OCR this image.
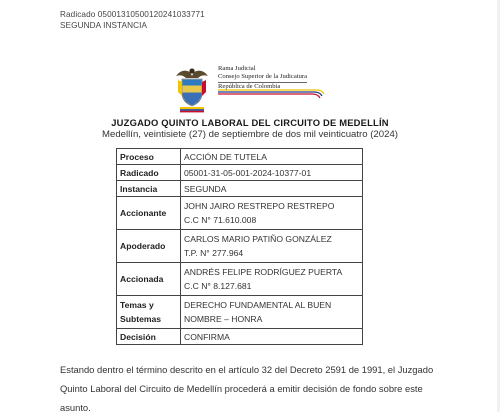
Radicado 05001310500120241033771
SEGUNDA INSTANCIA
Rama Judicial
Consejo Superior de la Judicatura
República de Colombia
JUZGADO QUINTO LABORAL DEL CIRCUITO DE MEDELLÍN
Medellín, veintisiete (27) de septiembre de dos mil veinticuatro (2024)
Proceso	ACCIÓN DE TUTELA
Radicado	05001-31-05-001-2024-10377-01
Instancia	SEGUNDA
Accionante	JOHN JAIRO RESTREPO RESTREPO
C.C N° 71.610.008

Apoderado	CARLOS MARIO PATIÑO GONZÁLEZ
T.P. N° 277.964

Accionada	ANDRÉS FELIPE RODRÍGUEZ PUERTA
C.C N° 8.127.681

Temas y
Subtemas	DERECHO FUNDAMENTAL AL BUEN
NOMBRE – HONRA

Decisión	CONFIRMA
Estando dentro el término descrito en el artículo 32 del Decreto 2591 de 1991, el Juzgado Quinto Laboral del Circuito de Medellín procederá a emitir decisión de fondo sobre este asunto.
